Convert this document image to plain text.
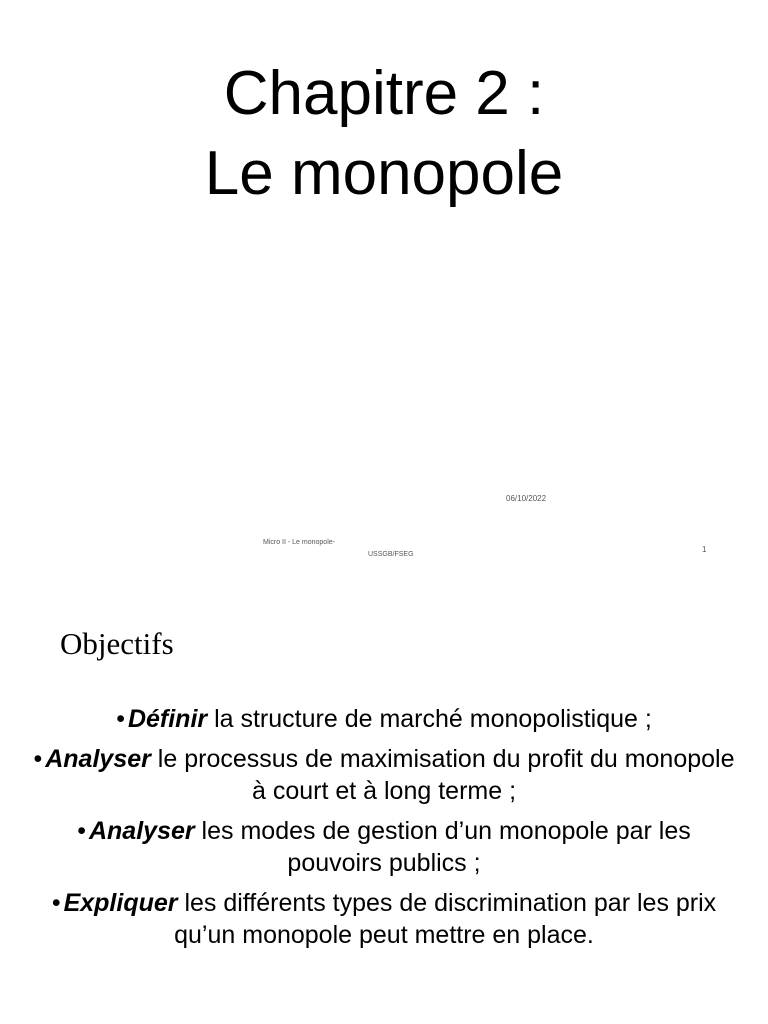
Chapitre 2 :
Le monopole
06/10/2022
Micro II - Le monopole-
USSGB/FSEG
1
Objectifs
• Définir la structure de marché monopolistique ;
• Analyser le processus de maximisation du profit du monopole à court et à long terme ;
• Analyser les modes de gestion d’un monopole par les pouvoirs publics ;
• Expliquer les différents types de discrimination par les prix qu’un monopole peut mettre en place.
